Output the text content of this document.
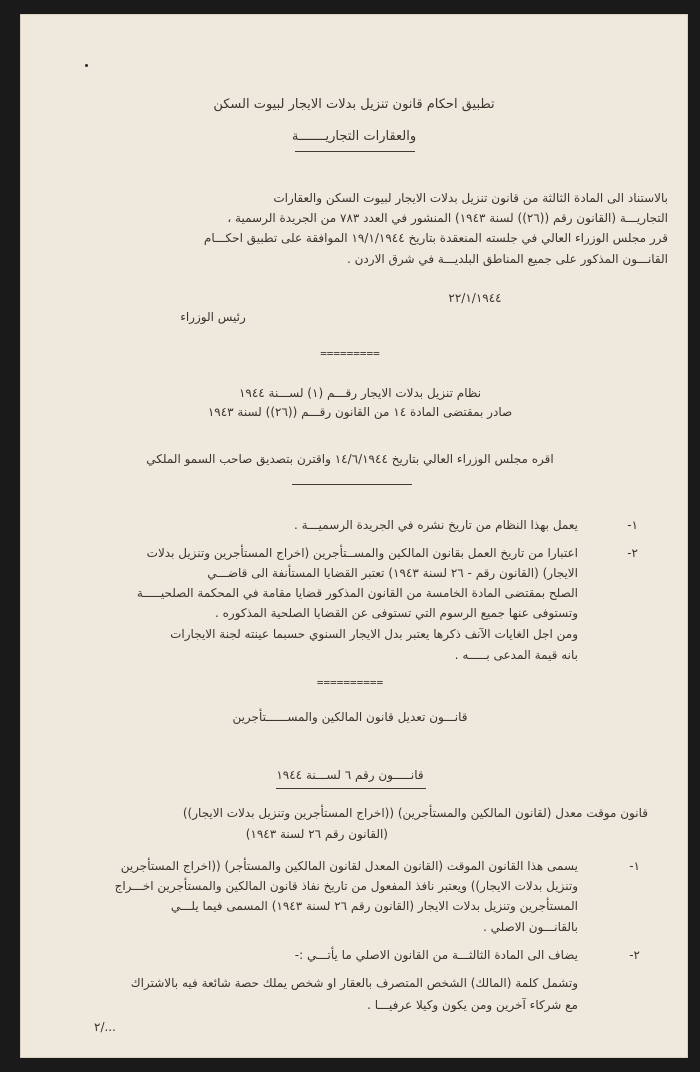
تطبيق احكام قانون تنزيل بدلات الايجار لبيوت السكن
والعقارات التجاريـــــــة
بالاستناد الى المادة الثالثة من قانون تنزيل بدلات الايجار لبيوت السكن والعقارات
التجاريـــة (القانون رقم ((٢٦)) لسنة ١٩٤٣) المنشور في العدد ٧٨٣ من الجريدة الرسمية ،
قرر مجلس الوزراء العالي في جلسته المنعقدة بتاريخ ١٩/١/١٩٤٤ الموافقة على تطبيق احكـــام
القانـــون المذكور على جميع المناطق البلديـــة في شرق الاردن .
٢٢/١/١٩٤٤
رئيس الوزراء
=========
نظام تنزيل بدلات الايجار رقـــم (١) لســـنة ١٩٤٤
صادر بمقتضى المادة ١٤ من القانون رقـــم ((٢٦)) لسنة ١٩٤٣
اقره مجلس الوزراء العالي بتاريخ ١٤/٦/١٩٤٤ واقترن بتصديق صاحب السمو الملكي
١-
يعمل بهذا النظام من تاريخ نشره في الجريدة الرسميـــة .
٢-
اعتبارا من تاريخ العمل بقانون المالكين والمســتأجرين (اخراج المستأجرين وتنزيل بدلات
الايجار) (القانون رقم - ٢٦ لسنة ١٩٤٣) تعتبر القضايا المستأنفة الى قاضـــي
الصلح بمقتضى المادة الخامسة من القانون المذكور قضايا مقامة في المحكمة الصلحيـــــة
وتستوفى عنها جميع الرسوم التي تستوفى عن القضايا الصلحية المذكوره .
ومن اجل الغايات الآنف ذكرها يعتبر بدل الايجار السنوي حسبما عينته لجنة الايجارات
بانه قيمة المدعى بـــــه .
==========
قانـــون تعديل قانون المالكين والمســــــتأجرين
قانـــــون رقم ٦ لســـنة ١٩٤٤
قانون موقت معدل (لقانون المالكين والمستأجرين) ((اخراج المستأجرين وتنزيل بدلات الايجار))
(القانون رقم ٢٦ لسنة ١٩٤٣)
١-
يسمى هذا القانون الموقت (القانون المعدل لقانون المالكين والمستأجر) ((اخراج المستأجرين
وتنزيل بدلات الايجار)) ويعتبر نافذ المفعول من تاريخ نفاذ قانون المالكين والمستأجرين اخـــراج
المستأجرين وتنزيل بدلات الايجار (القانون رقم ٢٦ لسنة ١٩٤٣) المسمى فيما يلـــي
بالقانـــون الاصلي .
٢-
يضاف الى المادة الثالثـــة من القانون الاصلي ما يأتـــي :-
وتشمل كلمة (المالك) الشخص المتصرف بالعقار او شخص يملك حصة شائعة فيه بالاشتراك
مع شركاء آخرين ومن يكون وكيلا عرفيـــا .
٢/...
